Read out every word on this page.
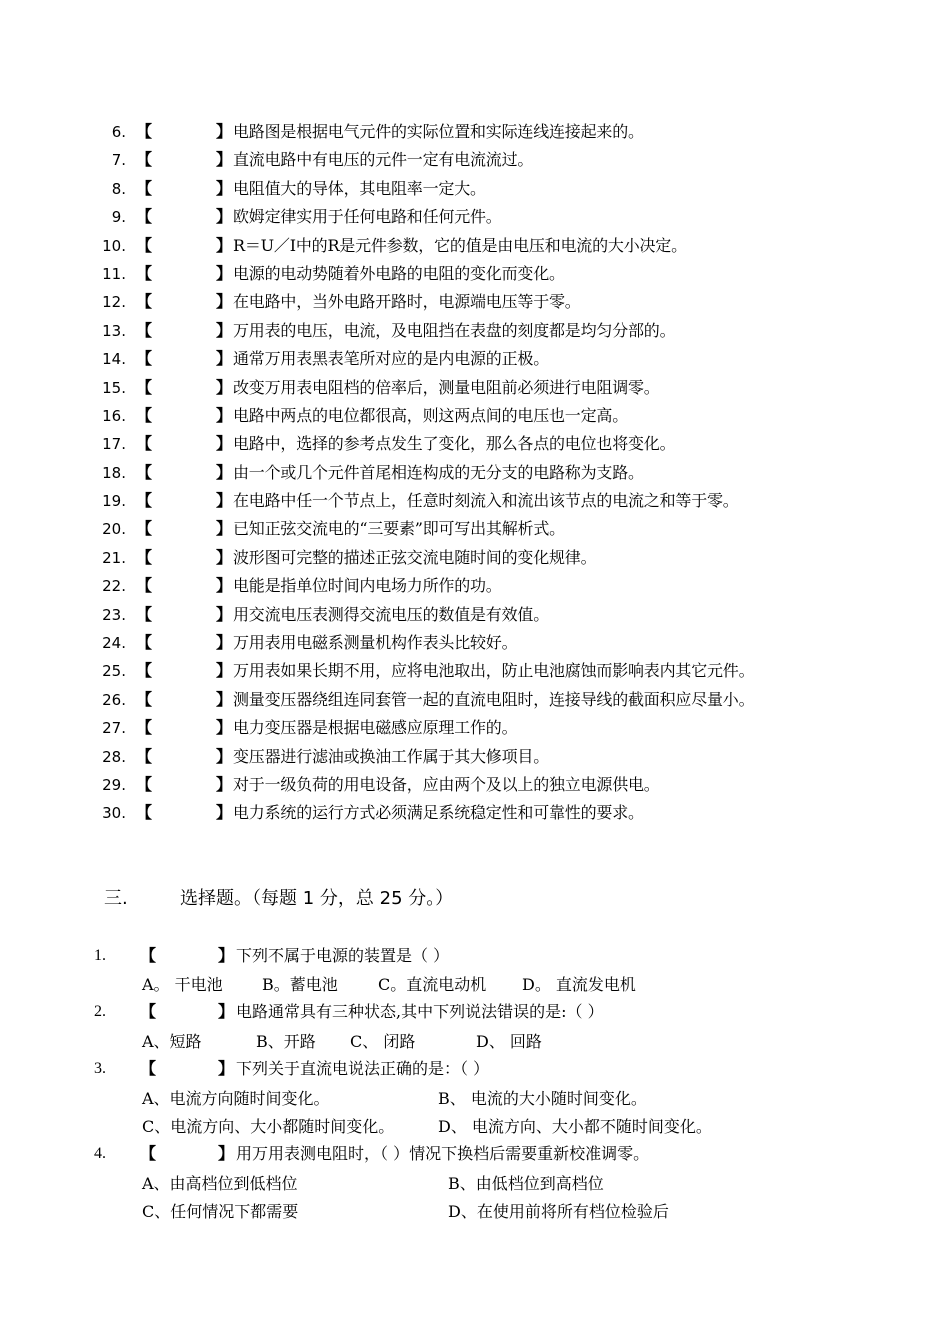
6. 【	】 电路图是根据电气元件的实际位置和实际连线连接起来的。
7. 【	】 直流电路中有电压的元件一定有电流流过。
8. 【	】 电阻值大的导体，其电阻率一定大。
9. 【	】 欧姆定律实用于任何电路和任何元件。
10. 【	】 R＝U／I中的R是元件参数，它的值是由电压和电流的大小决定。
11. 【	】 电源的电动势随着外电路的电阻的变化而变化。
12. 【	】 在电路中，当外电路开路时，电源端电压等于零。
13. 【	】 万用表的电压，电流，及电阻挡在表盘的刻度都是均匀分部的。
14. 【	】 通常万用表黑表笔所对应的是内电源的正极。
15. 【	】 改变万用表电阻档的倍率后，测量电阻前必须进行电阻调零。
16. 【	】 电路中两点的电位都很高，则这两点间的电压也一定高。
17. 【	】 电路中，选择的参考点发生了变化，那么各点的电位也将变化。
18. 【	】 由一个或几个元件首尾相连构成的无分支的电路称为支路。
19. 【	】 在电路中任一个节点上，任意时刻流入和流出该节点的电流之和等于零。
20. 【	】 已知正弦交流电的“三要素”即可写出其解析式。
21. 【	】 波形图可完整的描述正弦交流电随时间的变化规律。
22. 【	】 电能是指单位时间内电场力所作的功。
23. 【	】 用交流电压表测得交流电压的数值是有效值。
24. 【	】 万用表用电磁系测量机构作表头比较好。
25. 【	】 万用表如果长期不用，应将电池取出，防止电池腐蚀而影响表内其它元件。
26. 【	】 测量变压器绕组连同套管一起的直流电阻时，连接导线的截面积应尽量小。
27. 【	】 电力变压器是根据电磁感应原理工作的。
28. 【	】 变压器进行滤油或换油工作属于其大修项目。
29. 【	】 对于一级负荷的用电设备，应由两个及以上的独立电源供电。
30. 【	】 电力系统的运行方式必须满足系统稳定性和可靠性的要求。
三.	选择题。（每题 1 分，总 25 分。）
1. 【	】 下列不属于电源的装置是（ ）
A。 干电池 B。蓄电池	C。直流电动机 D。 直流发电机
2. 【	】 电路通常具有三种状态,其中下列说法错误的是:（ ）
A、短路	B、开路 C、 闭路	D、 回路
3. 【	】 下列关于直流电说法正确的是：（ ）
A、电流方向随时间变化。	B、 电流的大小随时间变化。
C、电流方向、大小都随时间变化。	D、 电流方向、大小都不随时间变化。
4. 【	】 用万用表测电阻时，（ ）情况下换档后需要重新校准调零。
A、由高档位到低档位	B、由低档位到高档位
C、任何情况下都需要	D、在使用前将所有档位检验后
